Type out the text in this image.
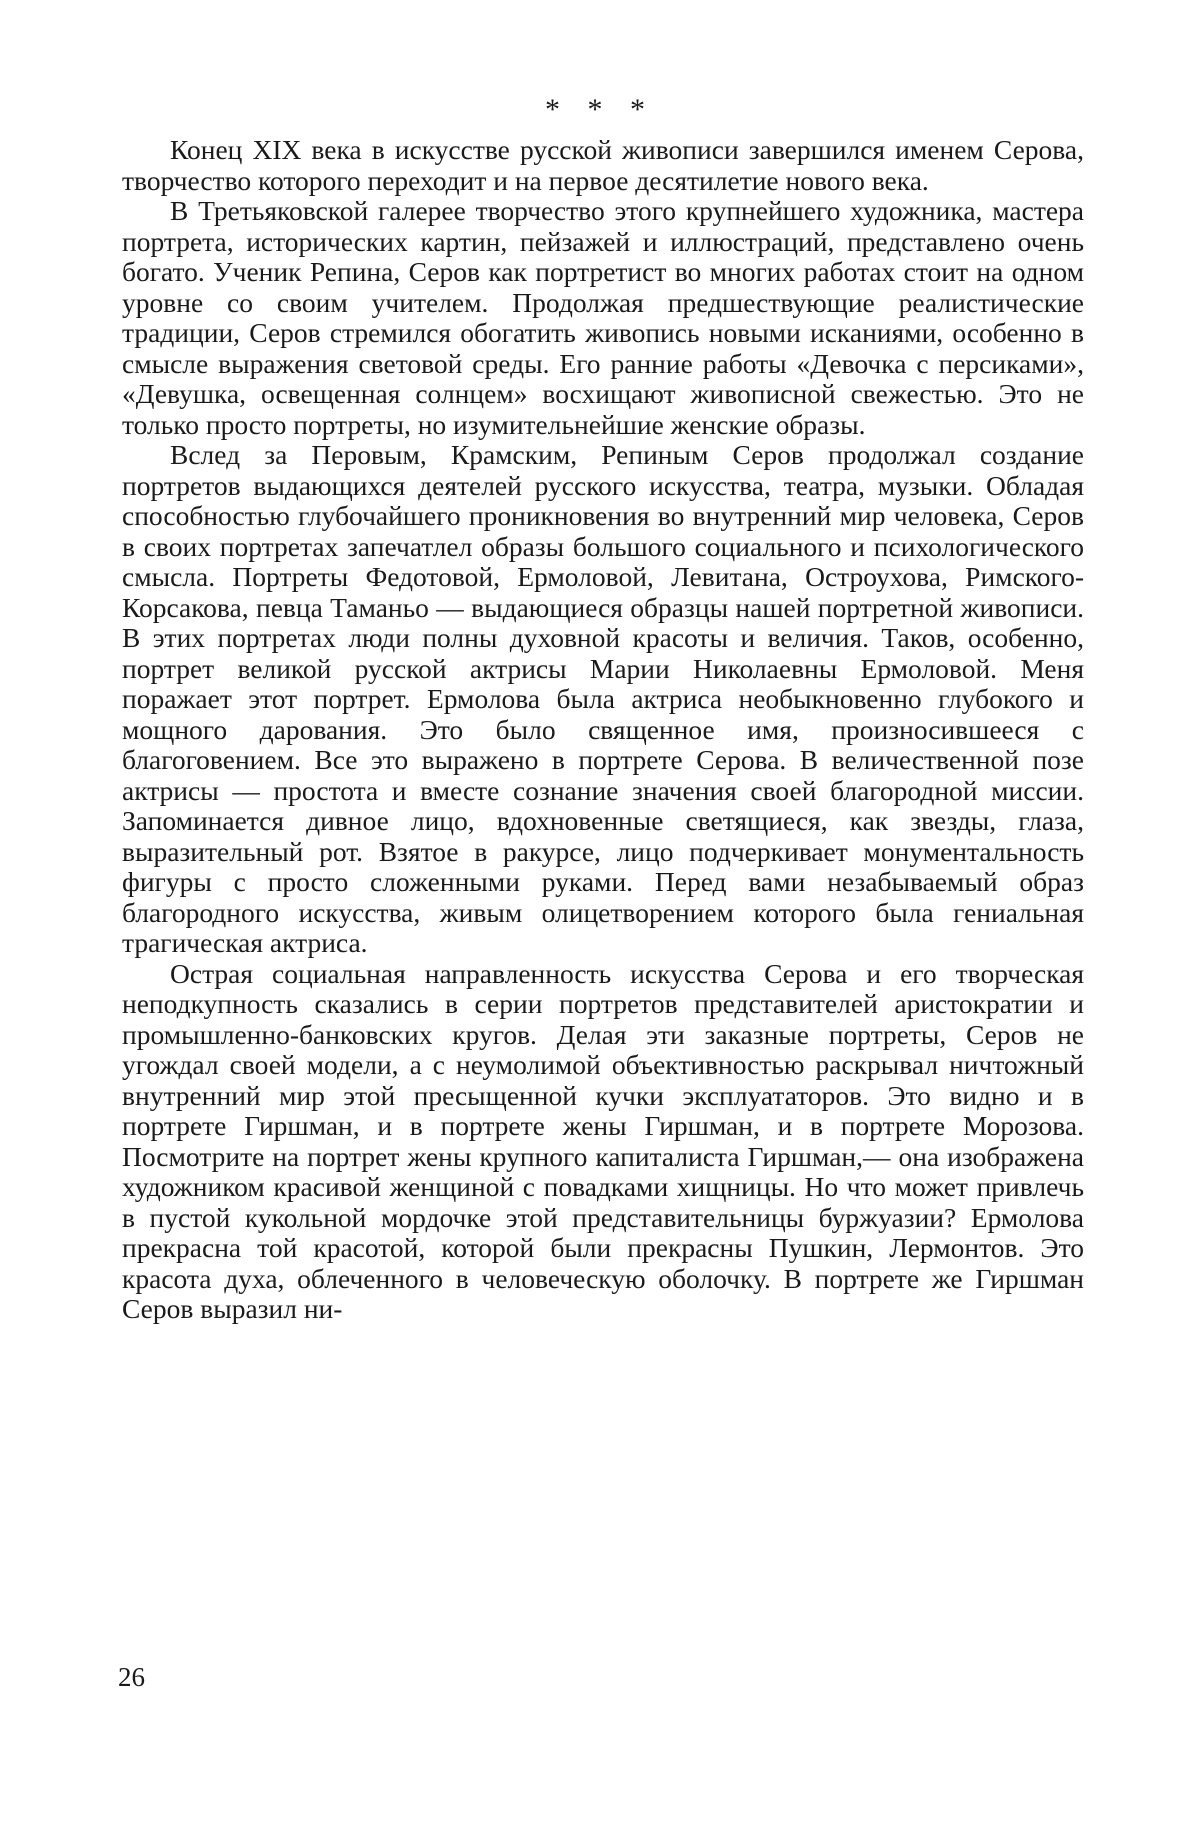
* * *

Конец XIX века в искусстве русской живописи завершился именем Серова, творчество которого переходит и на первое десятилетие нового века.

В Третьяковской галерее творчество этого крупнейшего художника, мастера портрета, исторических картин, пейзажей и иллюстраций, представлено очень богато. Ученик Репина, Серов как портретист во многих работах стоит на одном уровне со своим учителем. Продолжая предшествующие реалистические традиции, Серов стремился обогатить живопись новыми исканиями, особенно в смысле выражения световой среды. Его ранние работы «Девочка с персиками», «Девушка, освещенная солнцем» восхищают живописной свежестью. Это не только просто портреты, но изумительнейшие женские образы.

Вслед за Перовым, Крамским, Репиным Серов продолжал создание портретов выдающихся деятелей русского искусства, театра, музыки. Обладая способностью глубочайшего проникновения во внутренний мир человека, Серов в своих портретах запечатлел образы большого социального и психологического смысла. Портреты Федотовой, Ермоловой, Левитана, Остроухова, Римского-Корсакова, певца Таманьо — выдающиеся образцы нашей портретной живописи. В этих портретах люди полны духовной красоты и величия. Таков, особенно, портрет великой русской актрисы Марии Николаевны Ермоловой. Меня поражает этот портрет. Ермолова была актриса необыкновенно глубокого и мощного дарования. Это было священное имя, произносившееся с благоговением. Все это выражено в портрете Серова. В величественной позе актрисы — простота и вместе сознание значения своей благородной миссии. Запоминается дивное лицо, вдохновенные светящиеся, как звезды, глаза, выразительный рот. Взятое в ракурсе, лицо подчеркивает монументальность фигуры с просто сложенными руками. Перед вами незабываемый образ благородного искусства, живым олицетворением которого была гениальная трагическая актриса.

Острая социальная направленность искусства Серова и его творческая неподкупность сказались в серии портретов представителей аристократии и промышленно-банковских кругов. Делая эти заказные портреты, Серов не угождал своей модели, а с неумолимой объективностью раскрывал ничтожный внутренний мир этой пресыщенной кучки эксплуататоров. Это видно и в портрете Гиршман, и в портрете жены Гиршман, и в портрете Морозова. Посмотрите на портрет жены крупного капиталиста Гиршман,— она изображена художником красивой женщиной с повадками хищницы. Но что может привлечь в пустой кукольной мордочке этой представительницы буржуазии? Ермолова прекрасна той красотой, которой были прекрасны Пушкин, Лермонтов. Это красота духа, облеченного в человеческую оболочку. В портрете же Гиршман Серов выразил ни-

26
